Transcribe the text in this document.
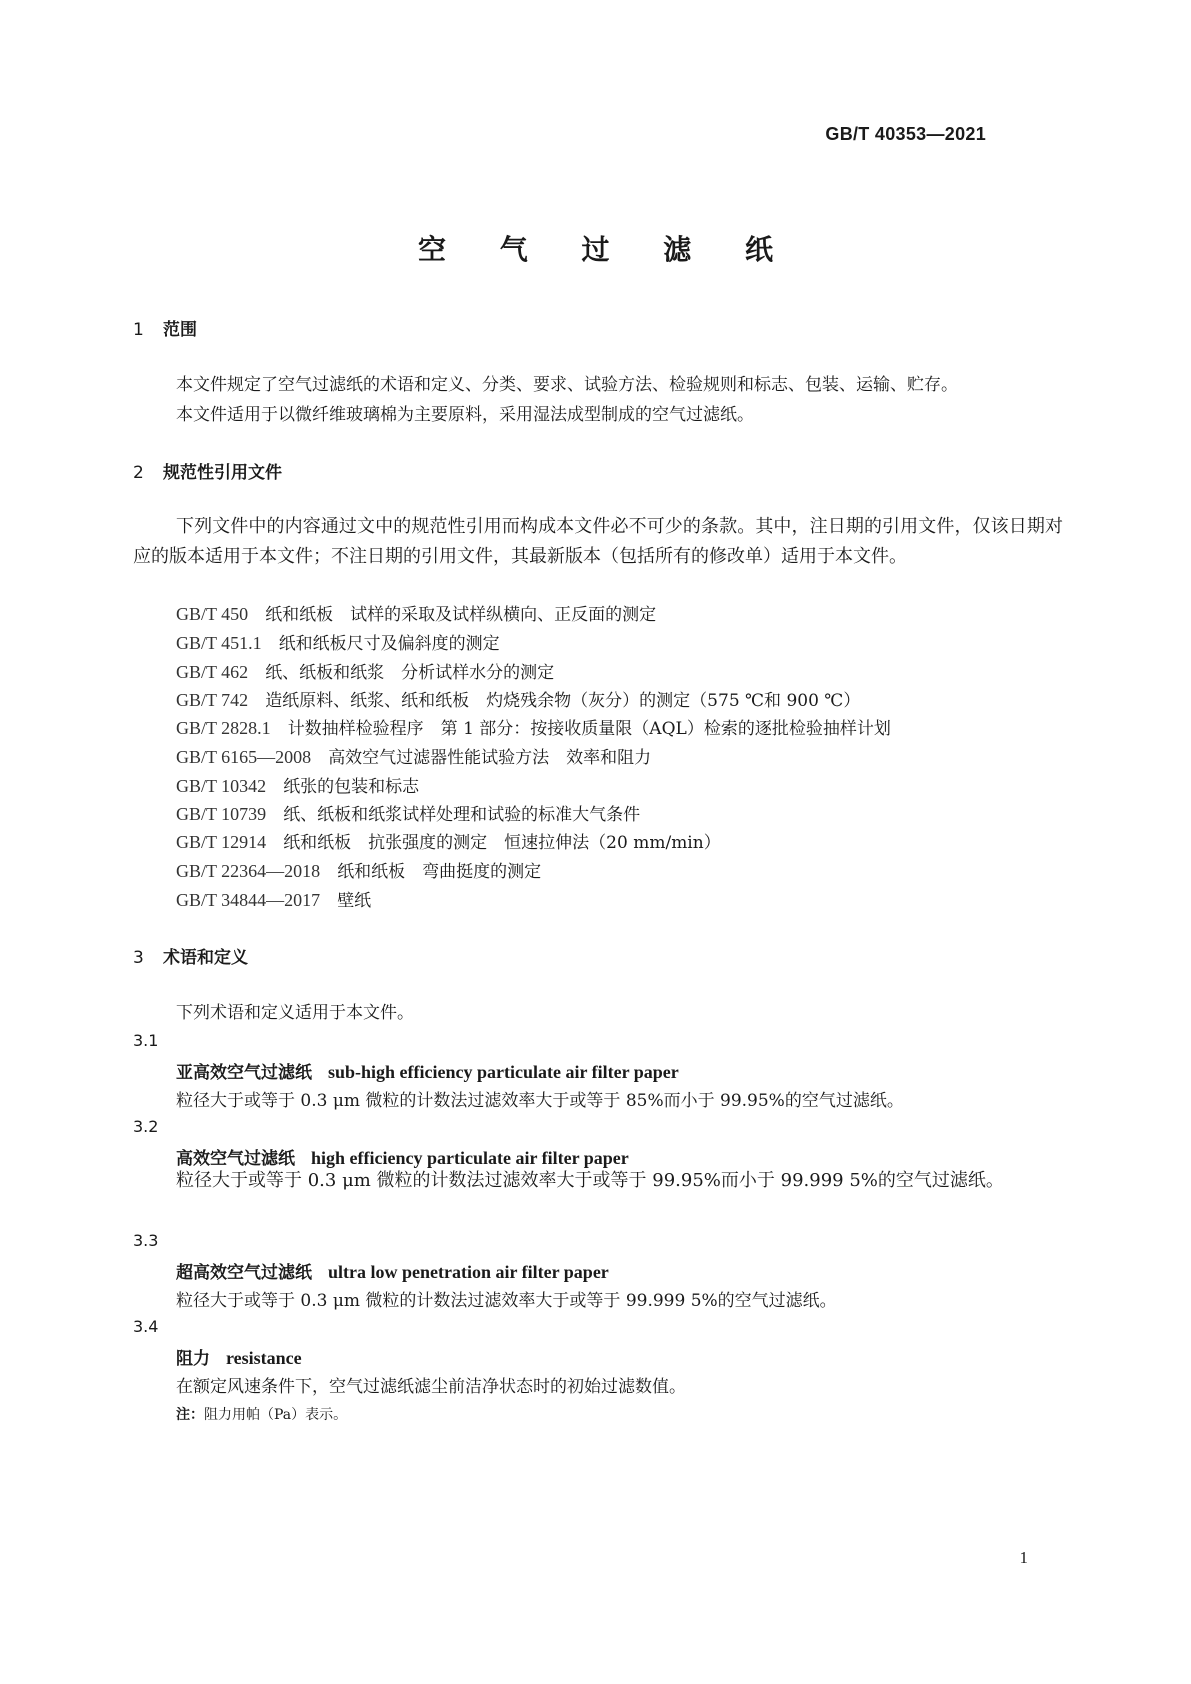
GB/T 40353—2021
空 气 过 滤 纸
1 范围
本文件规定了空气过滤纸的术语和定义、分类、要求、试验方法、检验规则和标志、包装、运输、贮存。
本文件适用于以微纤维玻璃棉为主要原料，采用湿法成型制成的空气过滤纸。
2 规范性引用文件
下列文件中的内容通过文中的规范性引用而构成本文件必不可少的条款。其中，注日期的引用文件，仅该日期对应的版本适用于本文件；不注日期的引用文件，其最新版本（包括所有的修改单）适用于本文件。
GB/T 450　 纸和纸板　试样的采取及试样纵横向、正反面的测定
GB/T 451.1　 纸和纸板尺寸及偏斜度的测定
GB/T 462　 纸、纸板和纸浆　分析试样水分的测定
GB/T 742　 造纸原料、纸浆、纸和纸板　灼烧残余物（灰分）的测定（575 ℃和 900 ℃）
GB/T 2828.1　 计数抽样检验程序　第 1 部分：按接收质量限（AQL）检索的逐批检验抽样计划
GB/T 6165—2008　 高效空气过滤器性能试验方法　效率和阻力
GB/T 10342　 纸张的包装和标志
GB/T 10739　 纸、纸板和纸浆试样处理和试验的标准大气条件
GB/T 12914　 纸和纸板　抗张强度的测定　恒速拉伸法（20 mm/min）
GB/T 22364—2018　 纸和纸板　弯曲挺度的测定
GB/T 34844—2017　 壁纸
3 术语和定义
下列术语和定义适用于本文件。
3.1
亚高效空气过滤纸 sub-high efficiency particulate air filter paper
粒径大于或等于 0.3 μm 微粒的计数法过滤效率大于或等于 85%而小于 99.95%的空气过滤纸。
3.2
高效空气过滤纸 high efficiency particulate air filter paper
粒径大于或等于 0.3 μm 微粒的计数法过滤效率大于或等于 99.95%而小于 99.999 5%的空气过滤纸。
3.3
超高效空气过滤纸 ultra low penetration air filter paper
粒径大于或等于 0.3 μm 微粒的计数法过滤效率大于或等于 99.999 5%的空气过滤纸。
3.4
阻力 resistance
在额定风速条件下，空气过滤纸滤尘前洁净状态时的初始过滤数值。
注：阻力用帕（Pa）表示。
1
